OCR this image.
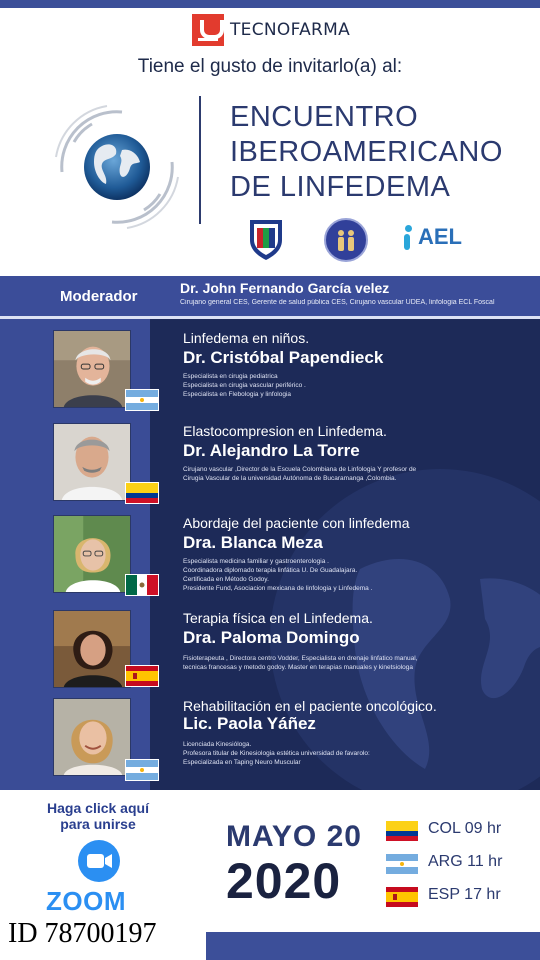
TECNOFARMA
Tiene el gusto de invitarlo(a) al:
ENCUENTRO
IBEROAMERICANO
DE LINFEDEMA
AEL
Moderador	Dr. John Fernando García velez
Cirujano general CES, Gerente de salud pública CES, Cirujano vascular UDEA, linfologia ECL Foscal
Linfedema en niños.
Dr. Cristóbal Papendieck
Especialista en cirugia pediatrica
Especialista en cirugia vascular periférico .
Especialista en Flebologia y linfologia
Elastocompresion en Linfedema.
Dr. Alejandro La Torre
Cirujano vascular ,Director de la Escuela Colombiana de Linfologia Y profesor de
Cirugia Vascular de la universidad Autónoma de Bucaramanga ,Colombia.
Abordaje del paciente con linfedema
Dra. Blanca Meza
Especialista medicina familiar y gastroenterologia .
Coordinadora diplomado terapia linfática U. De Guadalajara.
Certificada en Método Godoy.
Presidente Fund, Asociacion mexicana de linfologia y Linfedema .
Terapia física en el Linfedema.
Dra. Paloma Domingo
Fisioterapeuta , Directora centro Vodder, Especialista en drenaje linfatico manual,
tecnicas francesas y metodo godoy. Master en terapias manuales y kinetsiologa
Rehabilitación en el paciente oncológico.
Lic. Paola Yáñez
Licenciada Kinesióloga.
Profesora titular de Kinesiologia estética universidad de favarolo:
Especializada en Taping Neuro Muscular
Haga click aquí
para unirse
ZOOM
MAYO 20
2020
COL 09 hr
ARG 11 hr
ESP 17 hr
ID 78700197
